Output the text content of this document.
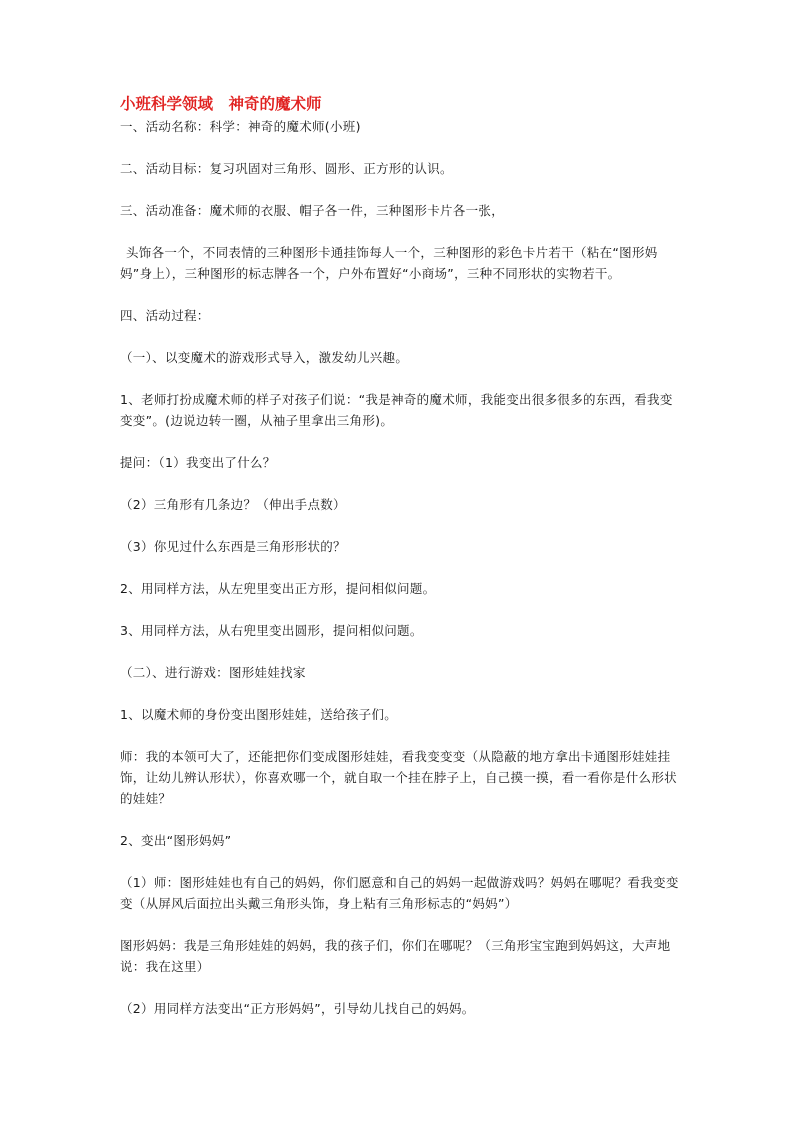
小班科学领域　神奇的魔术师

一、活动名称：科学：神奇的魔术师(小班)

二、活动目标：复习巩固对三角形、圆形、正方形的认识。

三、活动准备：魔术师的衣服、帽子各一件，三种图形卡片各一张，

头饰各一个，不同表情的三种图形卡通挂饰每人一个，三种图形的彩色卡片若干（粘在“图形妈妈”身上），三种图形的标志牌各一个，户外布置好“小商场”，三种不同形状的实物若干。

四、活动过程：

（一）、以变魔术的游戏形式导入，激发幼儿兴趣。

1、老师打扮成魔术师的样子对孩子们说：“我是神奇的魔术师，我能变出很多很多的东西，看我变变变”。(边说边转一圈，从袖子里拿出三角形)。

提问：（1）我变出了什么？

（2）三角形有几条边？（伸出手点数）

（3）你见过什么东西是三角形形状的？

2、用同样方法，从左兜里变出正方形，提问相似问题。

3、用同样方法，从右兜里变出圆形，提问相似问题。

（二）、进行游戏：图形娃娃找家

1、以魔术师的身份变出图形娃娃，送给孩子们。

师：我的本领可大了，还能把你们变成图形娃娃，看我变变变（从隐蔽的地方拿出卡通图形娃娃挂饰，让幼儿辨认形状），你喜欢哪一个，就自取一个挂在脖子上，自己摸一摸，看一看你是什么形状的娃娃？

2、变出“图形妈妈”

（1）师：图形娃娃也有自己的妈妈，你们愿意和自己的妈妈一起做游戏吗？妈妈在哪呢？看我变变变（从屏风后面拉出头戴三角形头饰，身上粘有三角形标志的“妈妈”）

图形妈妈：我是三角形娃娃的妈妈，我的孩子们，你们在哪呢？（三角形宝宝跑到妈妈这，大声地说：我在这里）

（2）用同样方法变出“正方形妈妈”，引导幼儿找自己的妈妈。
